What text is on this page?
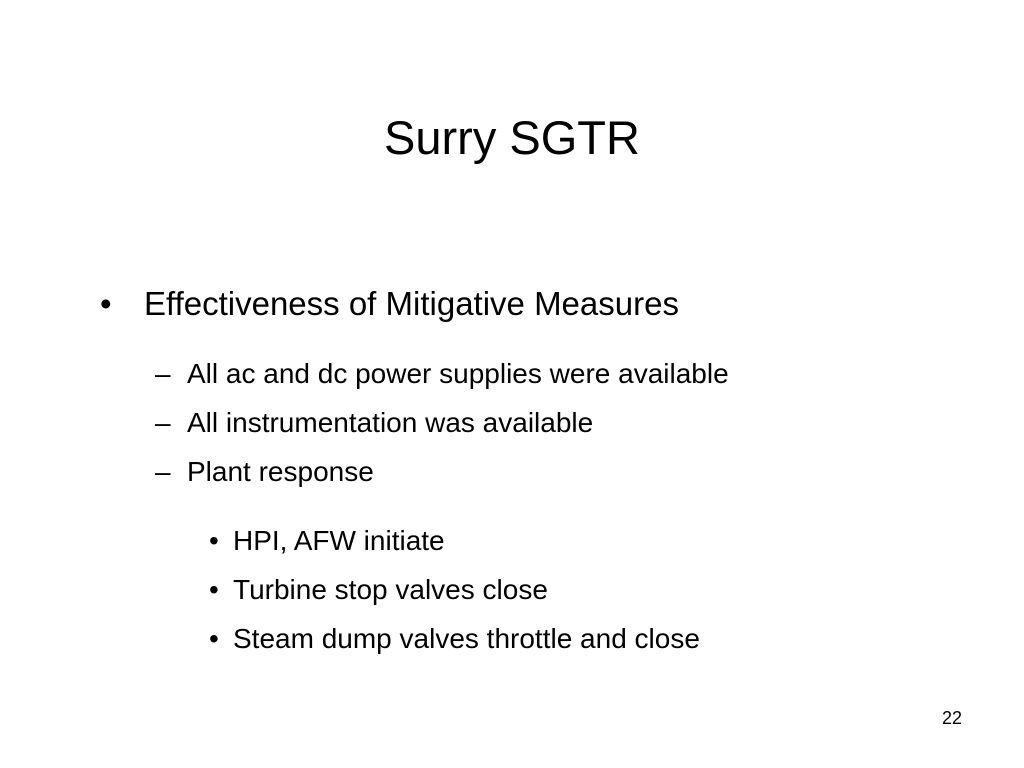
Surry SGTR
• Effectiveness of Mitigative Measures
– All ac and dc power supplies were available
– All instrumentation was available
– Plant response
• HPI, AFW initiate
• Turbine stop valves close
• Steam dump valves throttle and close
22
